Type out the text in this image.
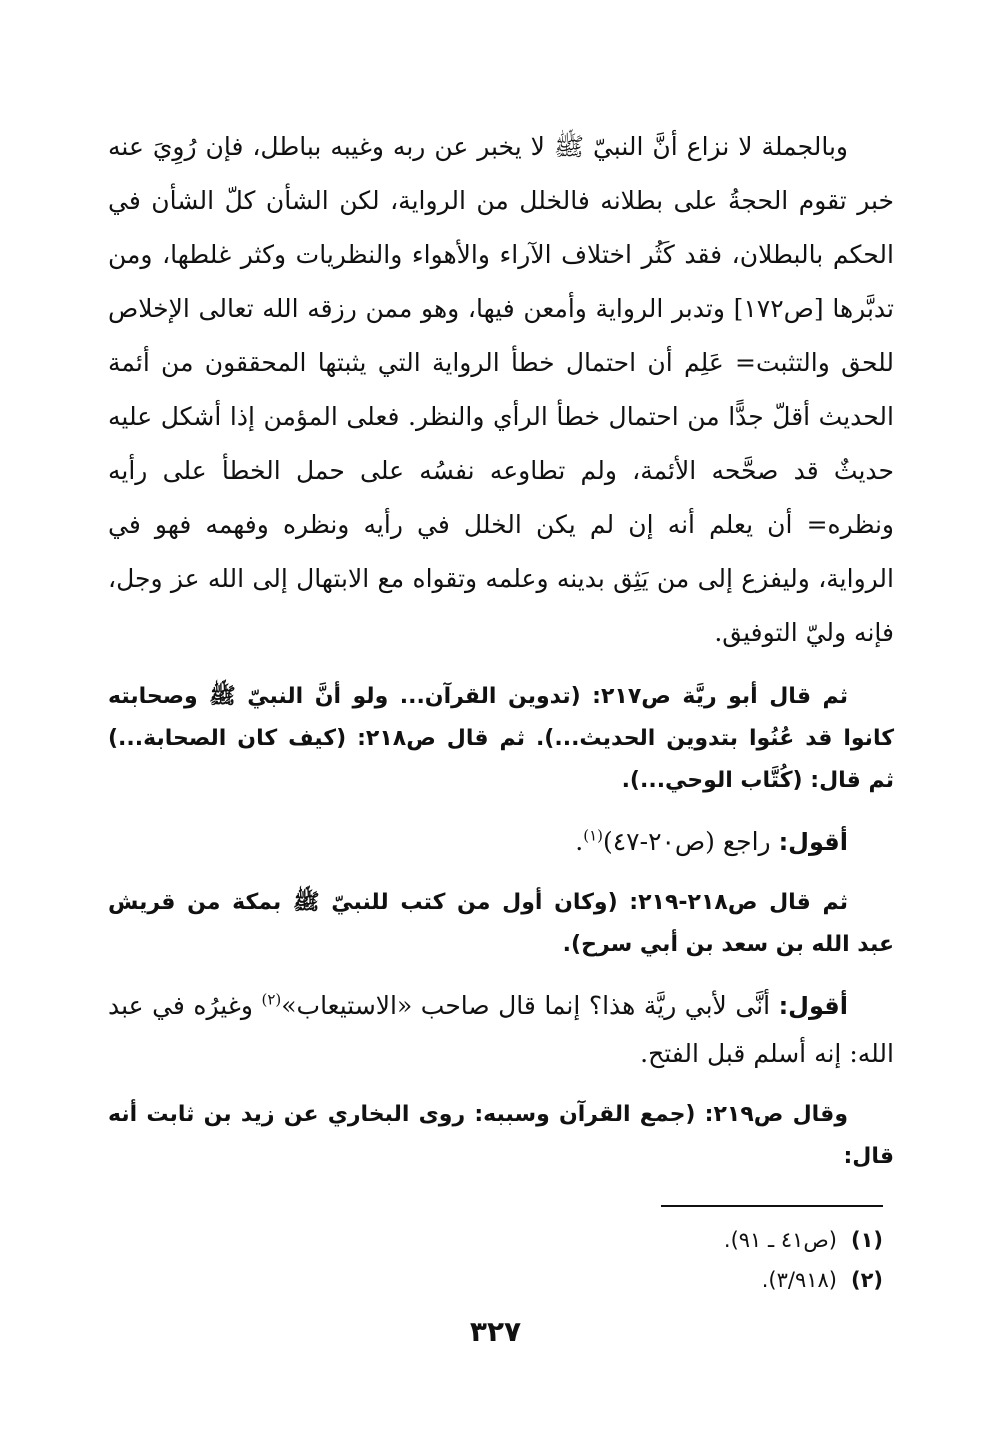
وبالجملة لا نزاع أنَّ النبيّ ﷺ لا يخبر عن ربه وغيبه بباطل، فإن رُوِيَ عنه خبر تقوم الحجةُ على بطلانه فالخلل من الرواية، لكن الشأن كلّ الشأن في الحكم بالبطلان، فقد كَثُر اختلاف الآراء والأهواء والنظريات وكثر غلطها، ومن تدبَّرها [ص١٧٢] وتدبر الرواية وأمعن فيها، وهو ممن رزقه الله تعالى الإخلاص للحق والتثبت= عَلِم أن احتمال خطأ الرواية التي يثبتها المحققون من أئمة الحديث أقلّ جدًّا من احتمال خطأ الرأي والنظر. فعلى المؤمن إذا أشكل عليه حديثٌ قد صحَّحه الأئمة، ولم تطاوعه نفسُه على حمل الخطأ على رأيه ونظره= أن يعلم أنه إن لم يكن الخلل في رأيه ونظره وفهمه فهو في الرواية، وليفزع إلى من يَثِق بدينه وعلمه وتقواه مع الابتهال إلى الله عز وجل، فإنه وليّ التوفيق.

ثم قال أبو ريَّة ص٢١٧: (تدوين القرآن... ولو أنَّ النبيّ ﷺ وصحابته كانوا قد عُنُوا بتدوين الحديث...). ثم قال ص٢١٨: (كيف كان الصحابة...) ثم قال: (كُتَّاب الوحي...).

أقول: راجع (ص٢٠-٤٧)$^{(١)}$.

ثم قال ص٢١٨-٢١٩: (وكان أول من كتب للنبيّ ﷺ بمكة من قريش عبد الله بن سعد بن أبي سرح).

أقول: أنَّى لأبي ريَّة هذا؟ إنما قال صاحب «الاستيعاب»$^{(٢)}$ وغيرُه في عبد الله: إنه أسلم قبل الفتح.

وقال ص٢١٩: (جمع القرآن وسببه: روى البخاري عن زيد بن ثابت أنه قال:

(١)(ص٤١ ـ ٩١).
(٢)(٣/٩١٨).
٣٢٧
